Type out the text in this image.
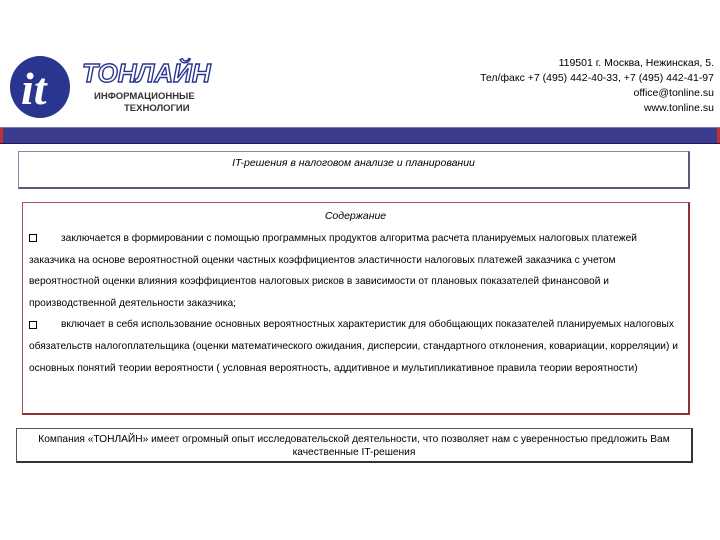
it ТОНЛАЙН
ИНФОРМАЦИОННЫЕ
ТЕХНОЛОГИИ
119501 г. Москва, Нежинская, 5.
Тел/факс +7 (495) 442-40-33, +7 (495) 442-41-97
office@tonline.su
www.tonline.su
IT-решения в налоговом анализе и планировании
Содержание
заключается в формировании с помощью программных продуктов алгоритма расчета планируемых налоговых платежей заказчика на основе вероятностной оценки частных коэффициентов эластичности налоговых платежей заказчика с учетом вероятностной оценки влияния коэффициентов налоговых рисков в зависимости от плановых показателей финансовой и производственной деятельности заказчика;
включает в себя использование основных вероятностных характеристик для обобщающих показателей планируемых налоговых обязательств налогоплательщика (оценки математического ожидания, дисперсии, стандартного отклонения, ковариации, корреляции) и основных понятий теории вероятности ( условная вероятность, аддитивное и мультипликативное правила теории вероятности)
Компания «ТОНЛАЙН» имеет огромный опыт исследовательской деятельности, что позволяет нам с уверенностью предложить Вам качественные IT-решения
